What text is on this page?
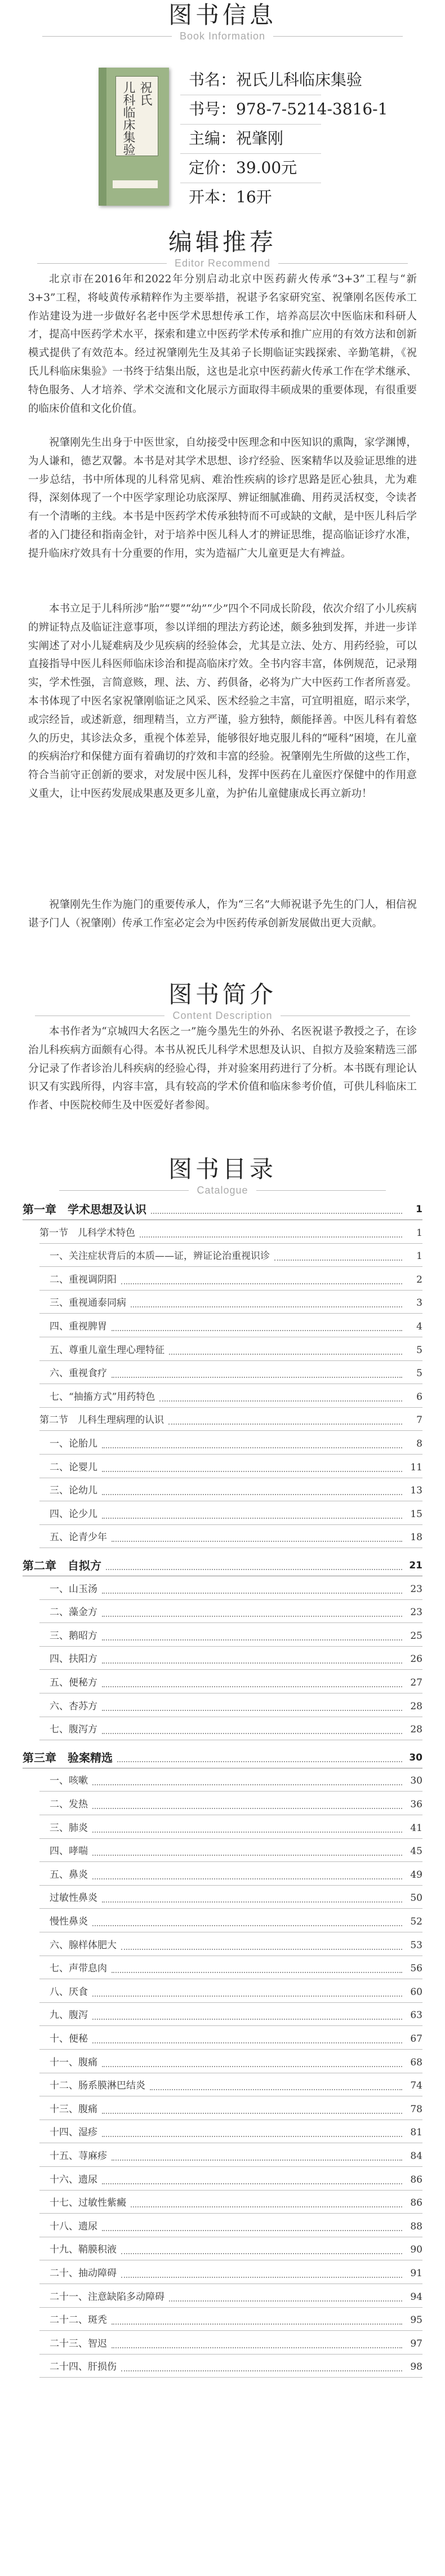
图书信息
Book Information
祝氏
儿科临床集验
书名：祝氏儿科临床集验
书号：978-7-5214-3816-1
主编：祝肇刚
定价：39.00元
开本：16开
编辑推荐
Editor Recommend

北京市在2016年和2022年分别启动北京中医药薪火传承“3+3”工程与“新3+3”工程，将岐黄传承精粹作为主要举措，祝谌予名家研究室、祝肇刚名医传承工作站建设为进一步做好名老中医学术思想传承工作，培养高层次中医临床和科研人才，提高中医药学术水平，探索和建立中医药学术传承和推广应用的有效方法和创新模式提供了有效范本。经过祝肇刚先生及其弟子长期临证实践探索、辛勤笔耕，《祝氏儿科临床集验》一书终于结集出版，这也是北京中医药薪火传承工作在学术继承、特色服务、人才培养、学术交流和文化展示方面取得丰硕成果的重要体现，有很重要的临床价值和文化价值。

祝肇刚先生出身于中医世家，自幼接受中医理念和中医知识的熏陶，家学渊博，为人谦和，德艺双馨。本书是对其学术思想、诊疗经验、医案精华以及验证思维的进一步总结，书中所体现的儿科常见病、难治性疾病的诊疗思路是匠心独具，尤为难得，深刻体现了一个中医学家理论功底深厚、辨证细腻准确、用药灵活权变，令读者有一个清晰的主线。本书是中医药学术传承独特而不可或缺的文献，是中医儿科后学者的入门捷径和指南金针，对于培养中医儿科人才的辨证思维，提高临证诊疗水准，提升临床疗效具有十分重要的作用，实为造福广大儿童更是大有裨益。

本书立足于儿科所涉“胎”“婴”“幼”“少”四个不同成长阶段，依次介绍了小儿疾病的辨证特点及临证注意事项，参以详细的理法方药论述，颇多独到发挥，并进一步详实阐述了对小儿疑难病及少见疾病的经验体会，尤其是立法、处方、用药经验，可以直接指导中医儿科医师临床诊治和提高临床疗效。全书内容丰富，体例规范，记录翔实，学术性强，言简意赅，理、法、方、药俱备，必将为广大中医药工作者所喜爱。本书体现了中医名家祝肇刚临证之风采、医术经验之丰富，可宜明祖庭，昭示来学，或宗经旨，或述新意，细理精当，立方严谨，验方独特，颇能择善。中医儿科有着悠久的历史，其诊法众多，重视个体差异，能够很好地克服儿科的“哑科”困境，在儿童的疾病治疗和保健方面有着确切的疗效和丰富的经验。祝肇刚先生所做的这些工作，符合当前守正创新的要求，对发展中医儿科，发挥中医药在儿童医疗保健中的作用意义重大，让中医药发展成果惠及更多儿童，为护佑儿童健康成长再立新功！

祝肇刚先生作为施门的重要传承人，作为“三名”大师祝谌予先生的门人，相信祝谌予门人（祝肇刚）传承工作室必定会为中医药传承创新发展做出更大贡献。

图书简介
Content Description

本书作者为“京城四大名医之一”施今墨先生的外孙、名医祝谌予教授之子，在诊治儿科疾病方面颇有心得。本书从祝氏儿科学术思想及认识、自拟方及验案精选三部分记录了作者诊治儿科疾病的经验心得，并对验案用药进行了分析。本书既有理论认识又有实践所得，内容丰富，具有较高的学术价值和临床参考价值，可供儿科临床工作者、中医院校师生及中医爱好者参阅。

图书目录
Catalogue
第一章　学术思想及认识	1
第一节　儿科学术特色	1
一、关注症状背后的本质——证，辨证论治重视识诊	1
二、重视调阴阳	2
三、重视通泰同病	3
四、重视脾胃	4
五、尊重儿童生理心理特征	5
六、重视食疗	5
七、“抽搐方式”用药特色	6
第二节　儿科生理病理的认识	7
一、论胎儿	8
二、论婴儿	11
三、论幼儿	13
四、论少儿	15
五、论青少年	18
第二章　自拟方	21
一、山玉汤	23
二、藻金方	23
三、鹅昭方	25
四、扶阳方	26
五、便秘方	27
六、杏苏方	28
七、腹泻方	28
第三章　验案精选	30
一、咳嗽	30
二、发热	36
三、肺炎	41
四、哮喘	45
五、鼻炎	49
过敏性鼻炎	50
慢性鼻炎	52
六、腺样体肥大	53
七、声带息肉	56
八、厌食	60
九、腹泻	63
十、便秘	67
十一、腹痛	68
十二、肠系膜淋巴结炎	74
十三、腹痛	78
十四、湿疹	81
十五、荨麻疹	84
十六、遗尿	86
十七、过敏性紫癜	86
十八、遗尿	88
十九、鞘膜积液	90
二十、抽动障碍	91
二十一、注意缺陷多动障碍	94
二十二、斑秃	95
二十三、智迟	97
二十四、肝损伤	98
